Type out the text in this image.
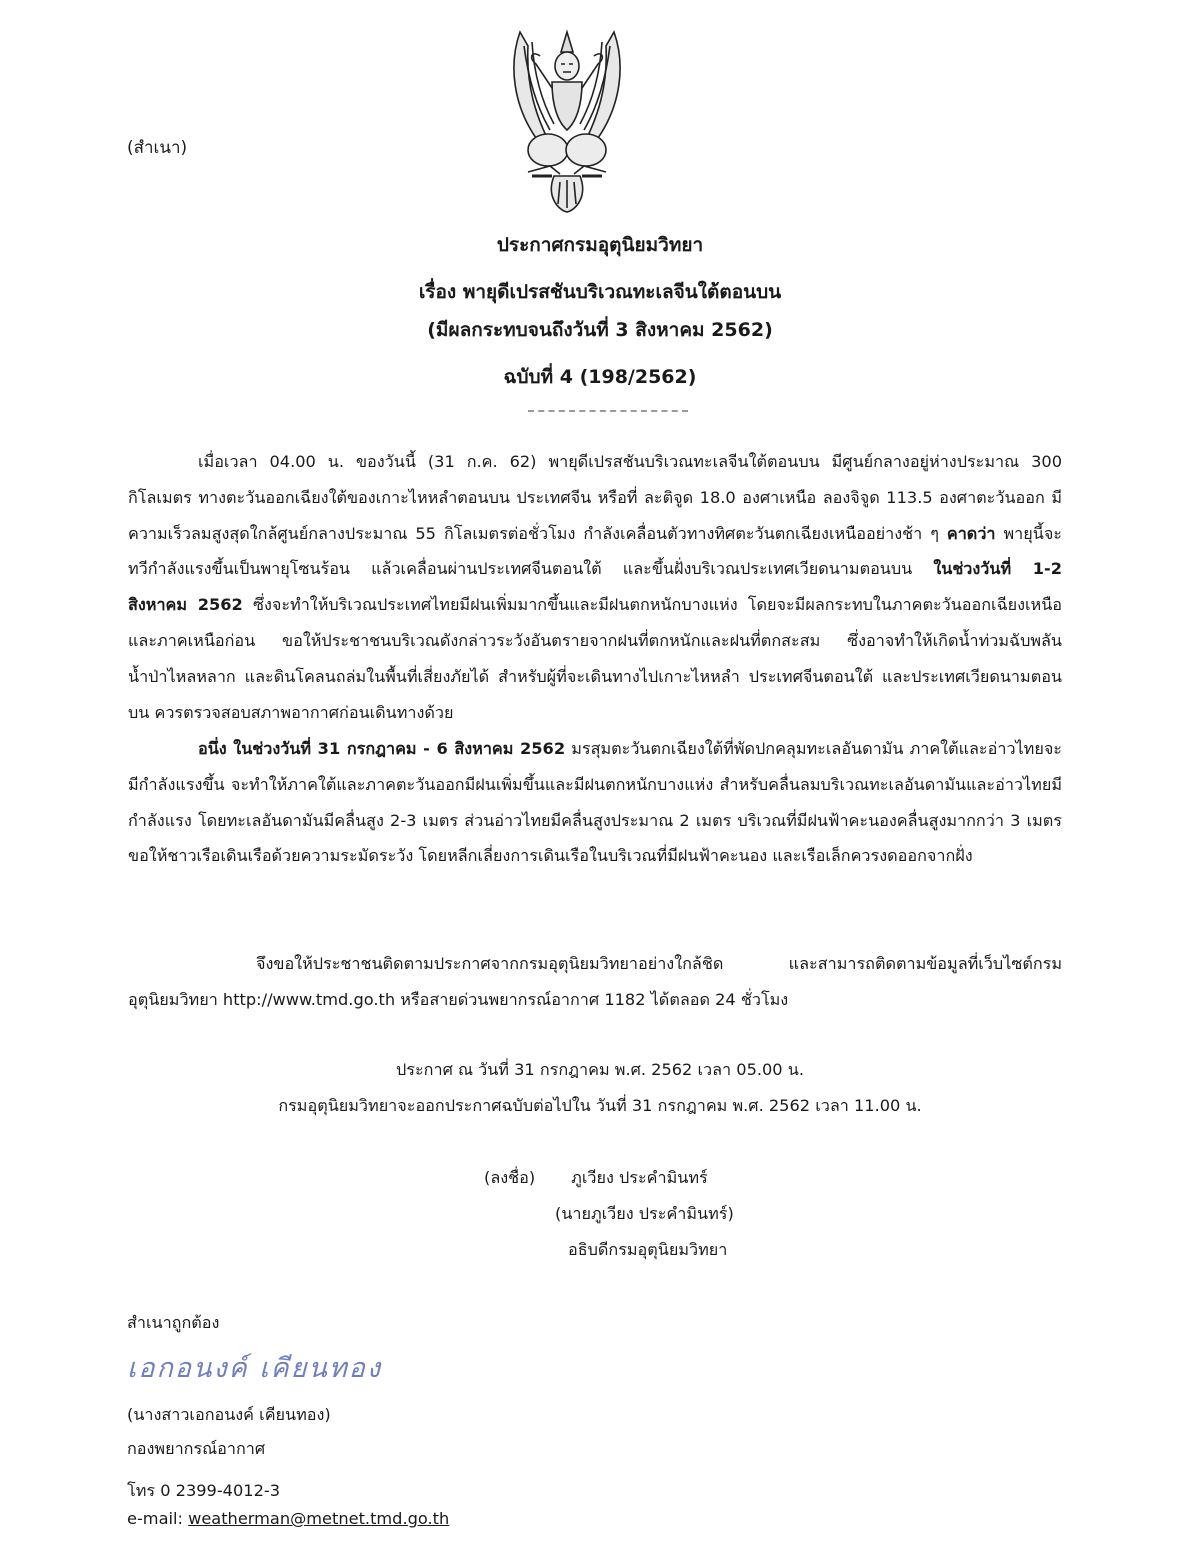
(สำเนา)
ประกาศกรมอุตุนิยมวิทยา
เรื่อง พายุดีเปรสชันบริเวณทะเลจีนใต้ตอนบน
(มีผลกระทบจนถึงวันที่ 3 สิงหาคม 2562)
ฉบับที่ 4 (198/2562)
เมื่อเวลา 04.00 น. ของวันนี้ (31 ก.ค. 62) พายุดีเปรสชันบริเวณทะเลจีนใต้ตอนบน มีศูนย์กลางอยู่ห่างประมาณ 300 กิโลเมตร ทางตะวันออกเฉียงใต้ของเกาะไหหลำตอนบน ประเทศจีน หรือที่ ละติจูด 18.0 องศาเหนือ ลองจิจูด 113.5 องศาตะวันออก มีความเร็วลมสูงสุดใกล้ศูนย์กลางประมาณ 55 กิโลเมตรต่อชั่วโมง กำลังเคลื่อนตัวทางทิศตะวันตกเฉียงเหนืออย่างช้า ๆ คาดว่า พายุนี้จะทวีกำลังแรงขึ้นเป็นพายุโซนร้อน แล้วเคลื่อนผ่านประเทศจีนตอนใต้ และขึ้นฝั่งบริเวณประเทศเวียดนามตอนบน ในช่วงวันที่ 1-2 สิงหาคม 2562 ซึ่งจะทำให้บริเวณประเทศไทยมีฝนเพิ่มมากขึ้นและมีฝนตกหนักบางแห่ง โดยจะมีผลกระทบในภาคตะวันออกเฉียงเหนือและภาคเหนือก่อน ขอให้ประชาชนบริเวณดังกล่าวระวังอันตรายจากฝนที่ตกหนักและฝนที่ตกสะสม ซึ่งอาจทำให้เกิดน้ำท่วมฉับพลัน น้ำป่าไหลหลาก และดินโคลนถล่มในพื้นที่เสี่ยงภัยได้ สำหรับผู้ที่จะเดินทางไปเกาะไหหลำ ประเทศจีนตอนใต้ และประเทศเวียดนามตอนบน ควรตรวจสอบสภาพอากาศก่อนเดินทางด้วย
อนึ่ง ในช่วงวันที่ 31 กรกฎาคม - 6 สิงหาคม 2562 มรสุมตะวันตกเฉียงใต้ที่พัดปกคลุมทะเลอันดามัน ภาคใต้และอ่าวไทยจะมีกำลังแรงขึ้น จะทำให้ภาคใต้และภาคตะวันออกมีฝนเพิ่มขึ้นและมีฝนตกหนักบางแห่ง สำหรับคลื่นลมบริเวณทะเลอันดามันและอ่าวไทยมีกำลังแรง โดยทะเลอันดามันมีคลื่นสูง 2-3 เมตร ส่วนอ่าวไทยมีคลื่นสูงประมาณ 2 เมตร บริเวณที่มีฝนฟ้าคะนองคลื่นสูงมากกว่า 3 เมตร ขอให้ชาวเรือเดินเรือด้วยความระมัดระวัง โดยหลีกเลี่ยงการเดินเรือในบริเวณที่มีฝนฟ้าคะนอง และเรือเล็กควรงดออกจากฝั่ง
จึงขอให้ประชาชนติดตามประกาศจากกรมอุตุนิยมวิทยาอย่างใกล้ชิด และสามารถติดตามข้อมูลที่เว็บไซต์กรมอุตุนิยมวิทยา http://www.tmd.go.th หรือสายด่วนพยากรณ์อากาศ 1182 ได้ตลอด 24 ชั่วโมง
ประกาศ ณ วันที่ 31 กรกฎาคม พ.ศ. 2562 เวลา 05.00 น.
กรมอุตุนิยมวิทยาจะออกประกาศฉบับต่อไปใน วันที่ 31 กรกฎาคม พ.ศ. 2562 เวลา 11.00 น.
(ลงชื่อ) ภูเวียง ประคำมินทร์
(นายภูเวียง ประคำมินทร์)
อธิบดีกรมอุตุนิยมวิทยา
สำเนาถูกต้อง
เอกอนงค์ เคียนทอง
(นางสาวเอกอนงค์ เคียนทอง)
กองพยากรณ์อากาศ
โทร 0 2399-4012-3
e-mail: weatherman@metnet.tmd.go.th
